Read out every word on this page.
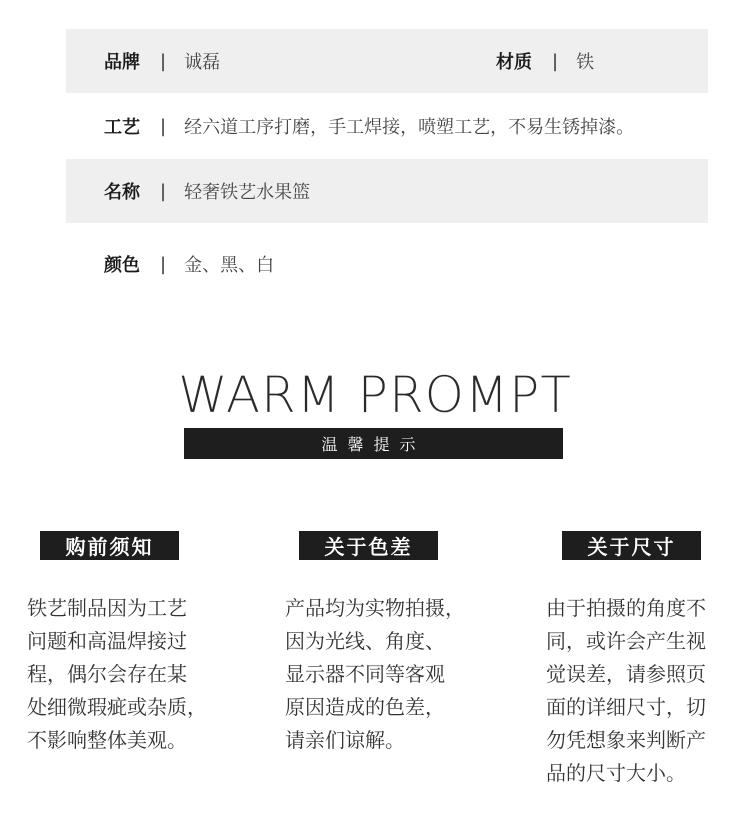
品牌	| 诚磊	材质	| 铁
工艺	| 经六道工序打磨，手工焊接，喷塑工艺，不易生锈掉漆。
名称	| 轻奢铁艺水果篮
颜色	| 金、黑、白
WARM PROMPT
温馨提示
购前须知

铁艺制品因为工艺

问题和高温焊接过

程，偶尔会存在某

处细微瑕疵或杂质，

不影响整体美观。

关于色差

产品均为实物拍摄，

因为光线、角度、

显示器不同等客观

原因造成的色差，

请亲们谅解。

关于尺寸

由于拍摄的角度不

同，或许会产生视

觉误差，请参照页

面的详细尺寸，切

勿凭想象来判断产

品的尺寸大小。
